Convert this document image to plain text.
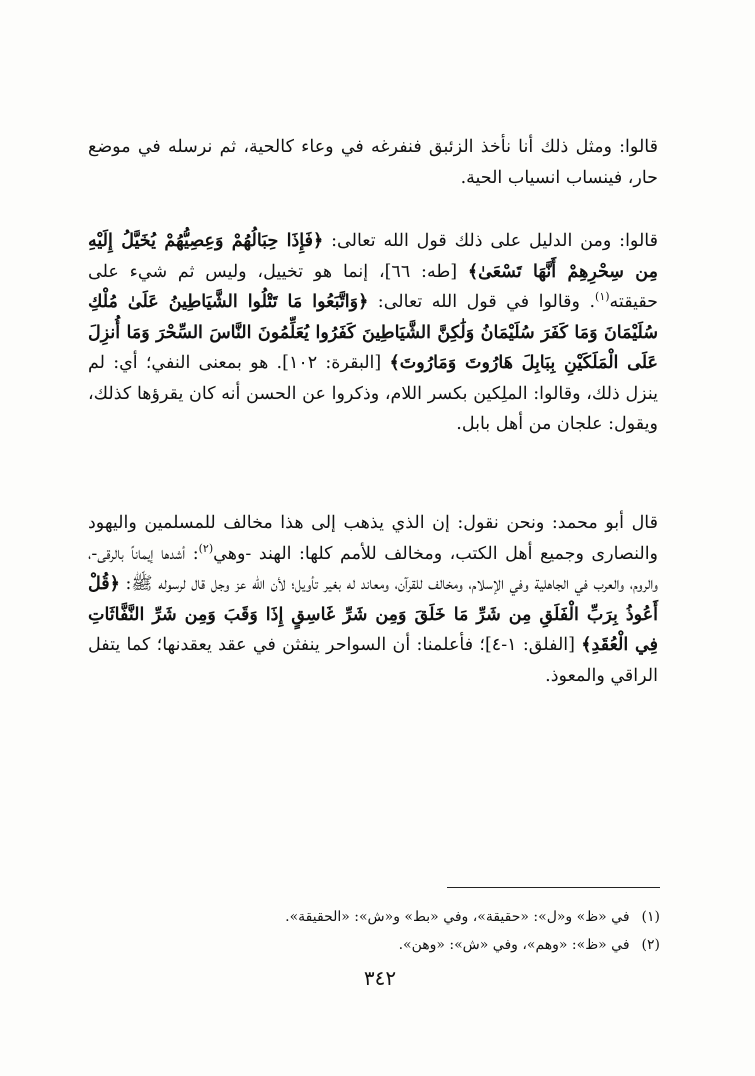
قالوا: ومثل ذلك أنا نأخذ الزئبق فنفرغه في وعاء كالحية، ثم نرسله في موضع حار، فينساب انسياب الحية.

قالوا: ومن الدليل على ذلك قول الله تعالى: ﴿فَإِذَا حِبَالُهُمْ وَعِصِيُّهُمْ يُخَيَّلُ إِلَيْهِ مِن سِحْرِهِمْ أَنَّهَا تَسْعَىٰ﴾ [طه: ٦٦]، إنما هو تخييل، وليس ثم شيء على حقيقته$^{(١)}$. وقالوا في قول الله تعالى: ﴿وَاتَّبَعُوا مَا تَتْلُوا الشَّيَاطِينُ عَلَىٰ مُلْكِ سُلَيْمَانَ وَمَا كَفَرَ سُلَيْمَانُ وَلَٰكِنَّ الشَّيَاطِينَ كَفَرُوا يُعَلِّمُونَ النَّاسَ السِّحْرَ وَمَا أُنزِلَ عَلَى الْمَلَكَيْنِ بِبَابِلَ هَارُوتَ وَمَارُوتَ﴾ [البقرة: ١٠٢]. هو بمعنى النفي؛ أي: لم ينزل ذلك، وقالوا: الملِكين بكسر اللام، وذكروا عن الحسن أنه كان يقرؤها كذلك، ويقول: علجان من أهل بابل.

قال أبو محمد: ونحن نقول: إن الذي يذهب إلى هذا مخالف للمسلمين واليهود والنصارى وجميع أهل الكتب، ومخالف للأمم كلها: الهند -وهي$^{(٢)}$: أشدها إيماناً بالرقى-، والروم، والعرب في الجاهلية وفي الإسلام، ومخالف للقرآن، ومعاند له بغير تأويل؛ لأن الله عز وجل قال لرسوله ﷺ: ﴿قُلْ أَعُوذُ بِرَبِّ الْفَلَقِ مِن شَرِّ مَا خَلَقَ وَمِن شَرِّ غَاسِقٍ إِذَا وَقَبَ وَمِن شَرِّ النَّفَّاثَاتِ فِي الْعُقَدِ﴾ [الفلق: ١-٤]؛ فأعلمنا: أن السواحر ينفثن في عقد يعقدنها؛ كما يتفل الراقي والمعوذ.

(١)في «ظ» و«ل»: «حقيقة»، وفي «بط» و«ش»: «الحقيقة».

(٢)في «ظ»: «وهم»، وفي «ش»: «وهن».

٣٤٢
